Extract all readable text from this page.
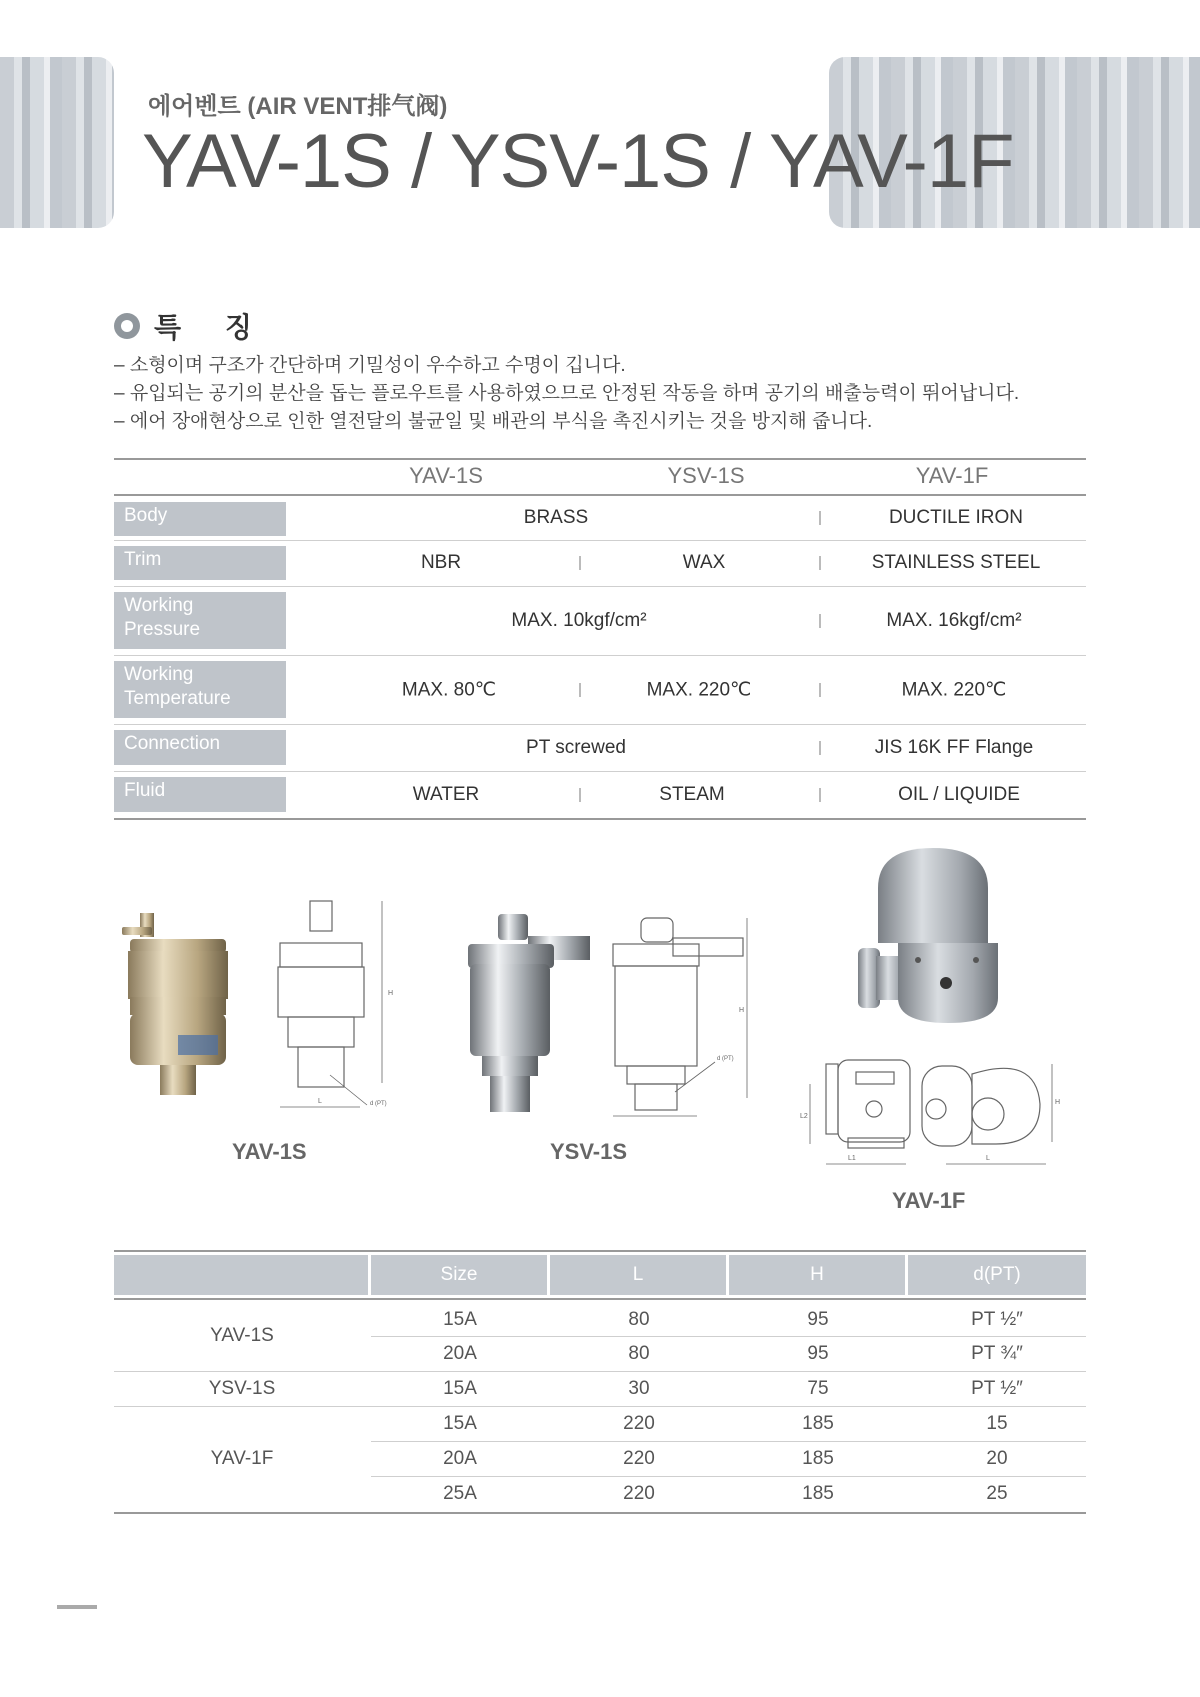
에어벤트 (AIR VENT排气阀)
YAV-1S / YSV-1S / YAV-1F
특 징
– 소형이며 구조가 간단하며 기밀성이 우수하고 수명이 깁니다.
– 유입되는 공기의 분산을 돕는 플로우트를 사용하였으므로 안정된 작동을 하며 공기의 배출능력이 뛰어납니다.
– 에어 장애현상으로 인한 열전달의 불균일 및 배관의 부식을 촉진시키는 것을 방지해 줍니다.
YAV-1S	YSV-1S	YAV-1F
Body	BRASS	DUCTILE IRON
Trim	NBR	WAX	STAINLESS STEEL
Working
Pressure	MAX. 10kgf/cm²	MAX. 16kgf/cm²
Working
Temperature	MAX. 80℃	MAX. 220℃	MAX. 220℃
Connection	PT screwed	JIS 16K FF Flange
Fluid	WATER	STEAM	OIL / LIQUIDE
H
L	d (PT)
YAV-1S
H
d (PT)
YSV-1S
H
L1	L
L2
YAV-1F
Size	L	H	d(PT)
YAV-1S
15A	80	95	PT ½″
20A	80	95	PT ¾″
YSV-1S	15A	30	75	PT ½″
YAV-1F
15A	220	185	15
20A	220	185	20
25A	220	185	25
